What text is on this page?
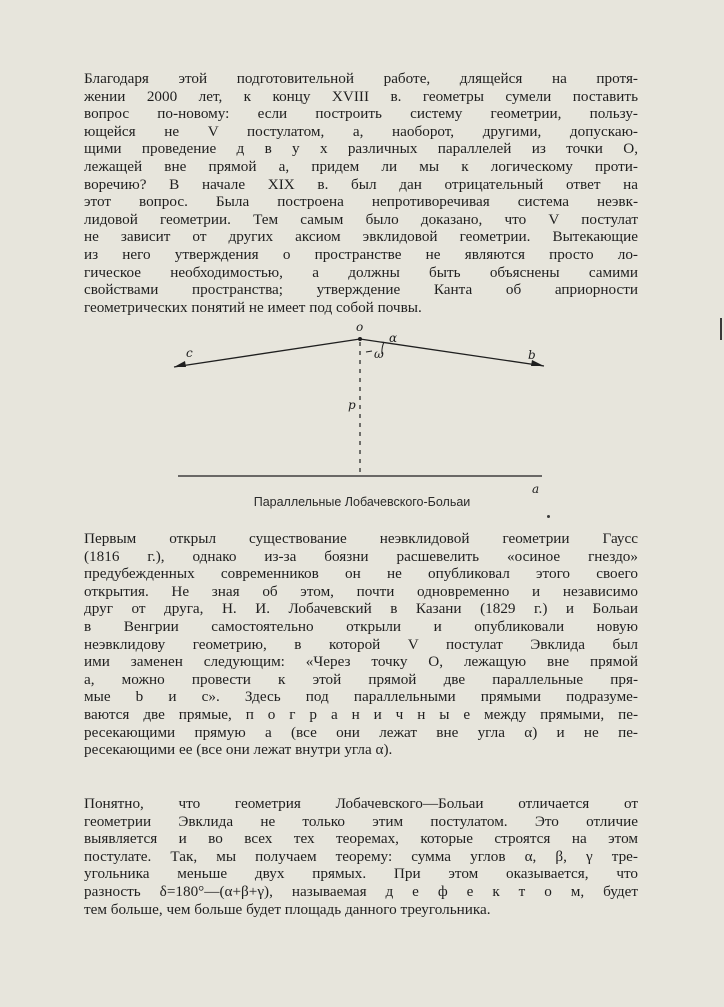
Благодаря этой подготовительной работе, длящейся на протя-
жении 2000 лет, к концу XVIII в. геометры сумели поставить
вопрос по-новому: если построить систему геометрии, пользу-
ющейся не V постулатом, а, наоборот, другими, допускаю-
щими проведение д в у х различных параллелей из точки O,
лежащей вне прямой a, придем ли мы к логическому проти-
воречию? В начале XIX в. был дан отрицательный ответ на
этот вопрос. Была построена непротиворечивая система неэвк-
лидовой геометрии. Тем самым было доказано, что V постулат
не зависит от других аксиом эвклидовой геометрии. Вытекающие
из него утверждения о пространстве не являются просто ло-
гическое необходимостью, а должны быть объяснены самими
свойствами пространства; утверждение Канта об априорности
геометрических понятий не имеет под собой почвы.
o
α
ω
p
c	b
a
Параллельные Лобачевского-Больаи
Первым открыл существование неэвклидовой геометрии Гаусс
(1816 г.), однако из-за боязни расшевелить «осиное гнездо»
предубежденных современников он не опубликовал этого своего
открытия. Не зная об этом, почти одновременно и независимо
друг от друга, Н. И. Лобачевский в Казани (1829 г.) и Больаи
в Венгрии самостоятельно открыли и опубликовали новую
неэвклидову геометрию, в которой V постулат Эвклида был
ими заменен следующим: «Через точку O, лежащую вне прямой
a, можно провести к этой прямой две параллельные пря-
мые b и c». Здесь под параллельными прямыми подразуме-
ваются две прямые, п о г р а н и ч н ы е между прямыми, пе-
ресекающими прямую a (все они лежат вне угла α) и не пе-
ресекающими ее (все они лежат внутри угла α).
Понятно, что геометрия Лобачевского—Больаи отличается от
геометрии Эвклида не только этим постулатом. Это отличие
выявляется и во всех тех теоремах, которые строятся на этом
постулате. Так, мы получаем теорему: сумма углов α, β, γ тре-
угольника меньше двух прямых. При этом оказывается, что
разность δ=180°—(α+β+γ), называемая д е ф е к т о м, будет
тем больше, чем больше будет площадь данного треугольника.
